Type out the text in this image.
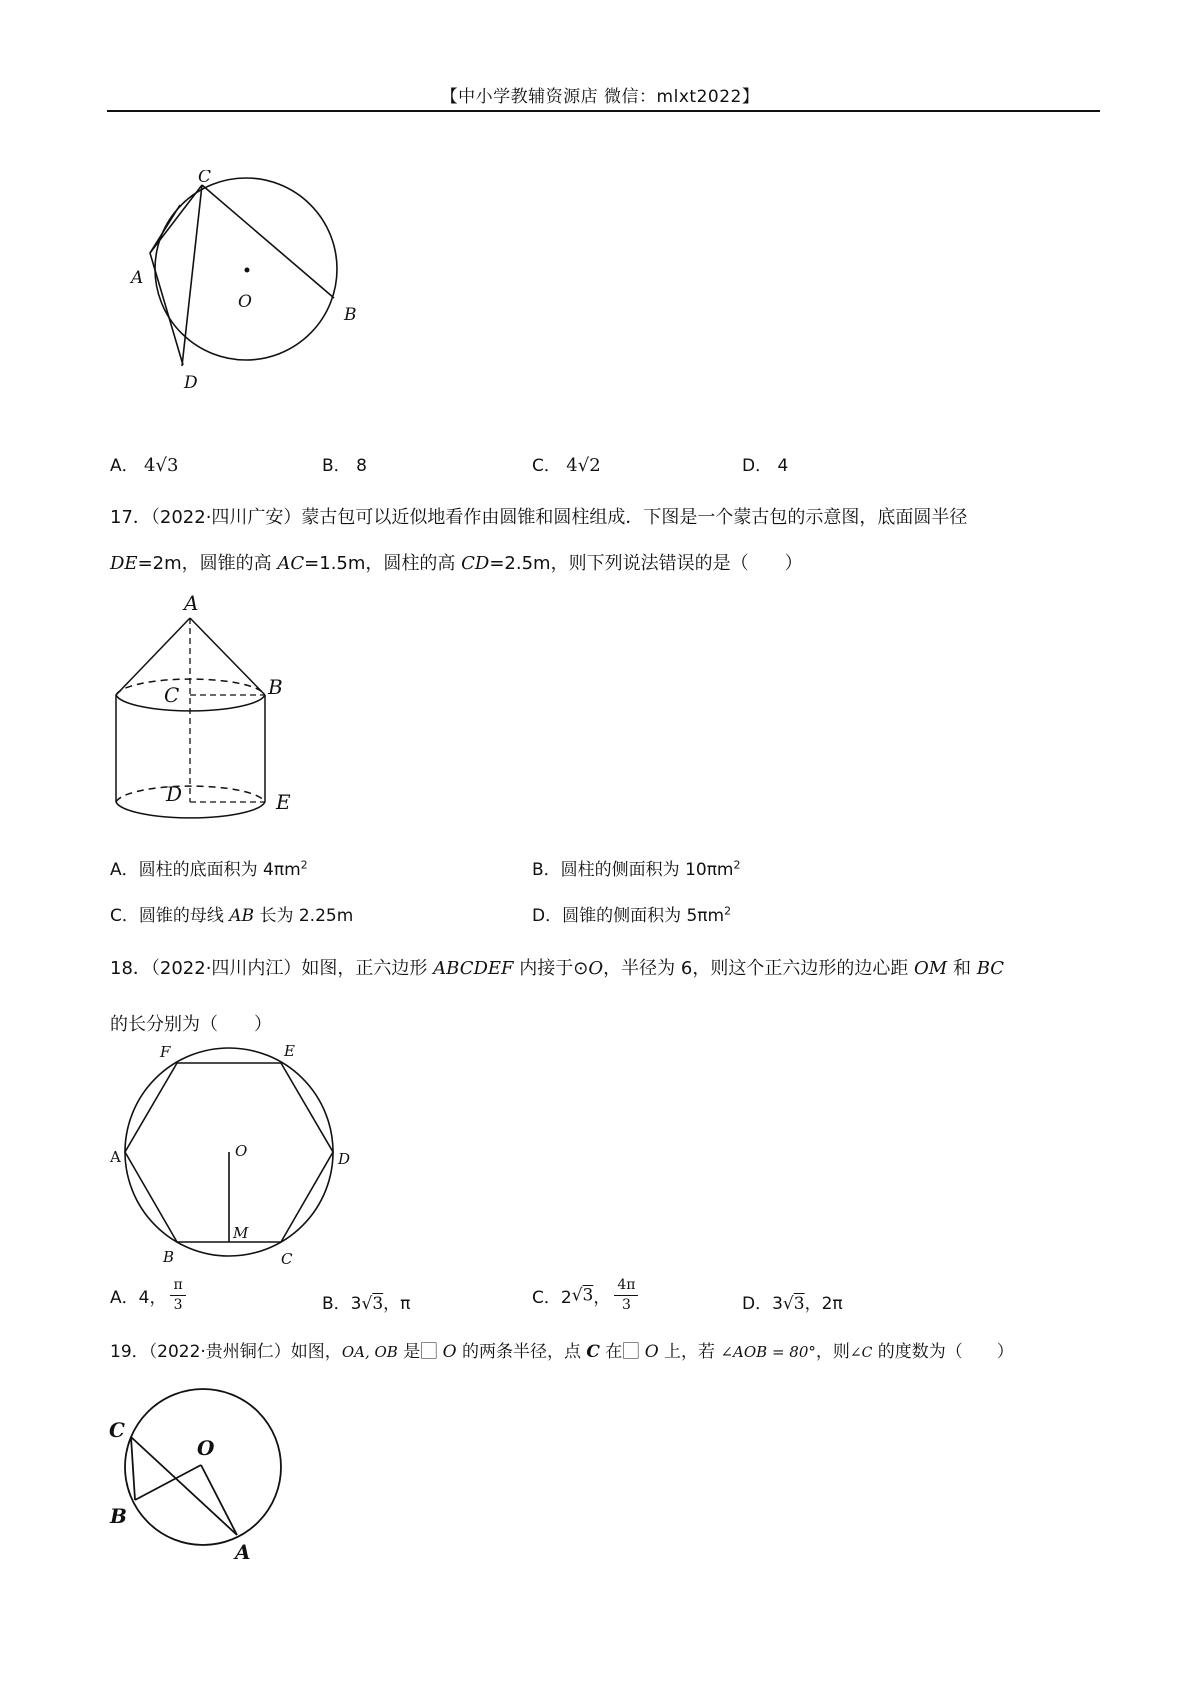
【中小学教辅资源店 微信：mlxt2022】
C
A
O
B
D
A． 4√3	B． 8	C． 4√2	D． 4
17．（2022·四川广安）蒙古包可以近似地看作由圆锥和圆柱组成．下图是一个蒙古包的示意图，底面圆半径
DE=2m，圆锥的高 AC=1.5m，圆柱的高 CD=2.5m，则下列说法错误的是（　　）
A
C	B
D	E
A．圆柱的底面积为 $4\pi m^2$	B．圆柱的侧面积为 $10\pi m^2$
C．圆锥的母线 AB 长为 2.25m	D．圆锥的侧面积为 $5\pi m^2$
18．（2022·四川内江）如图，正六边形 ABCDEF 内接于⊙O，半径为 6，则这个正六边形的边心距 OM 和 BC
的长分别为（　　）
F	E
A	O	D
M
B	C
A．4， $\frac{\pi}{3}$	B．3√3，π	C．2√3， $\frac{4\pi}{3}$	D．3√3，2π
19．（2022·贵州铜仁）如图，OA, OB 是⃞ O 的两条半径，点 C 在⃞ O 上，若 ∠AOB = 80°，则∠C 的度数为（　　）
C
O
B
A
